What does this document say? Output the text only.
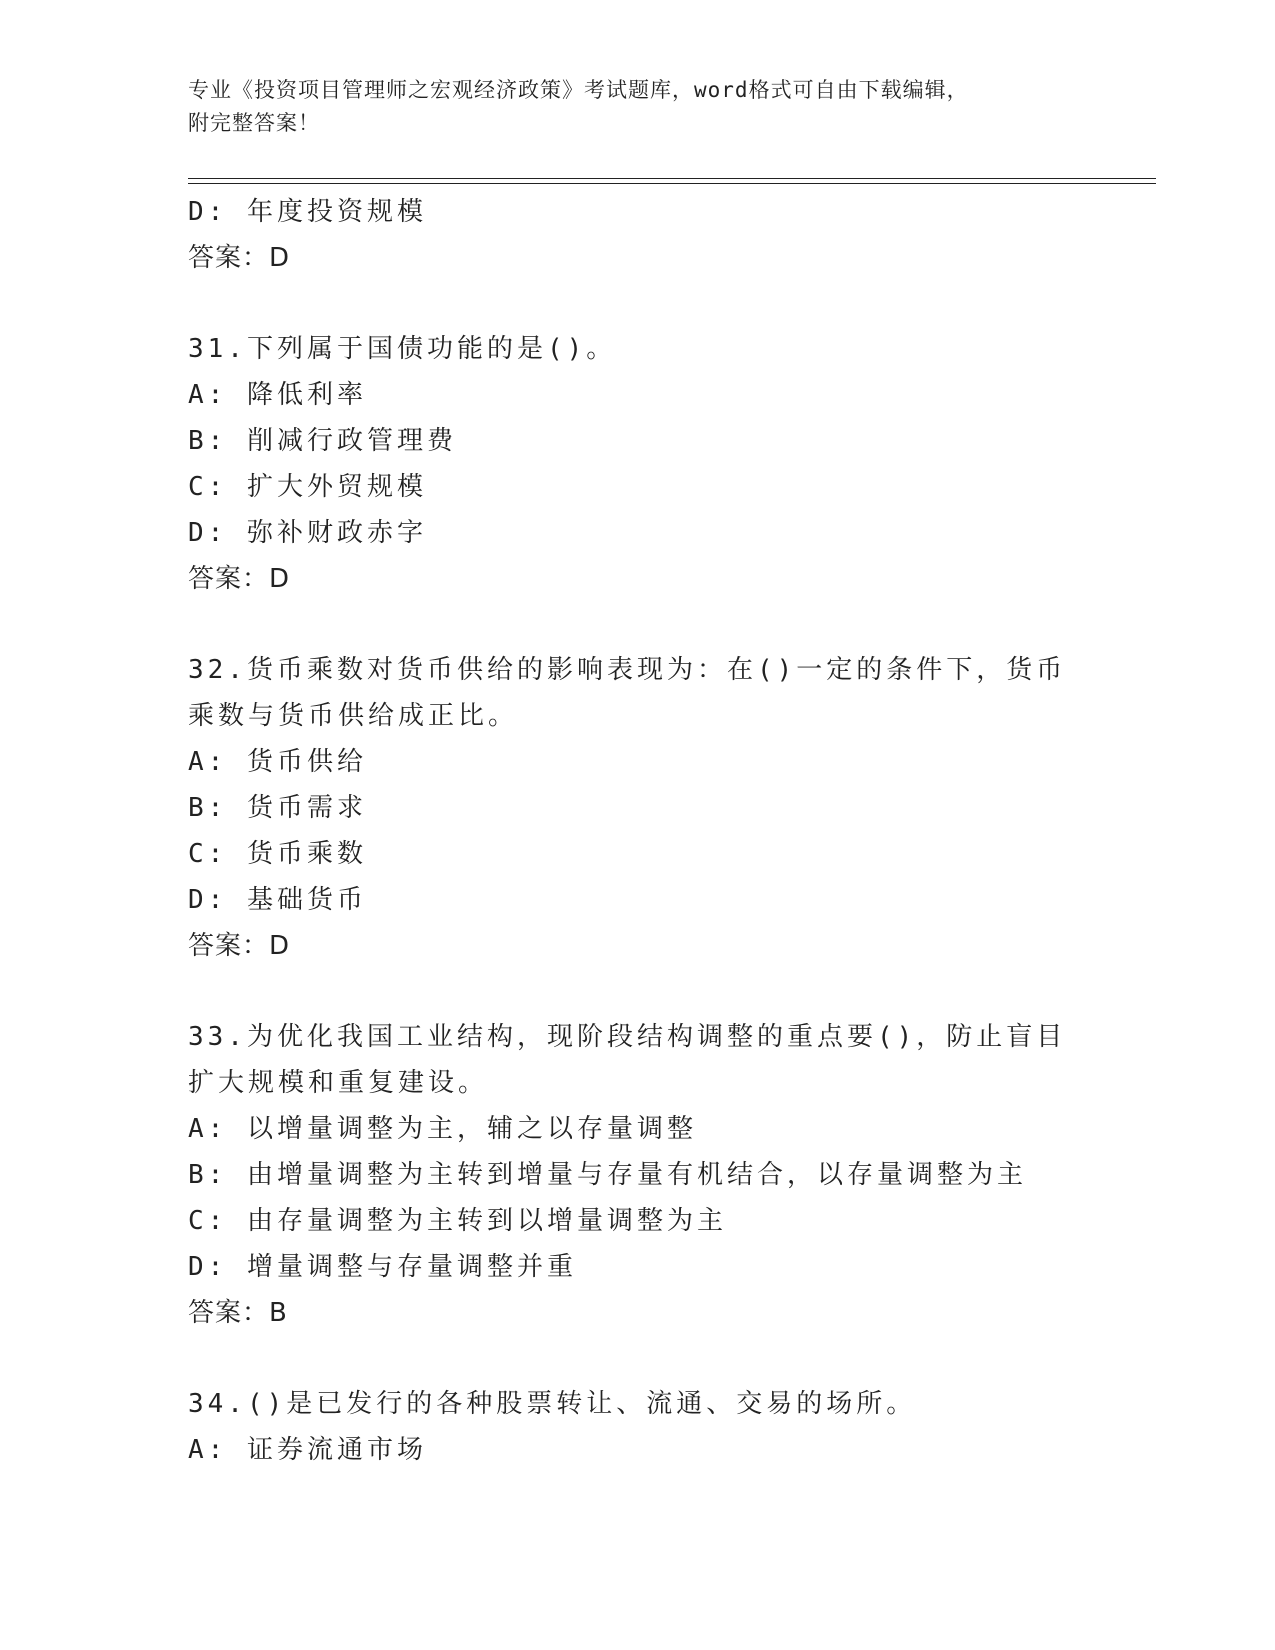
专业《投资项目管理师之宏观经济政策》考试题库，word格式可自由下载编辑，
附完整答案！
D: 年度投资规模
答案：D
31.下列属于国债功能的是()。
A: 降低利率
B: 削减行政管理费
C: 扩大外贸规模
D: 弥补财政赤字
答案：D
32.货币乘数对货币供给的影响表现为：在()一定的条件下，货币乘数与货币供给成正比。
A: 货币供给
B: 货币需求
C: 货币乘数
D: 基础货币
答案：D
33.为优化我国工业结构，现阶段结构调整的重点要()，防止盲目扩大规模和重复建设。
A: 以增量调整为主，辅之以存量调整
B: 由增量调整为主转到增量与存量有机结合，以存量调整为主
C: 由存量调整为主转到以增量调整为主
D: 增量调整与存量调整并重
答案：B
34.()是已发行的各种股票转让、流通、交易的场所。
A: 证券流通市场
